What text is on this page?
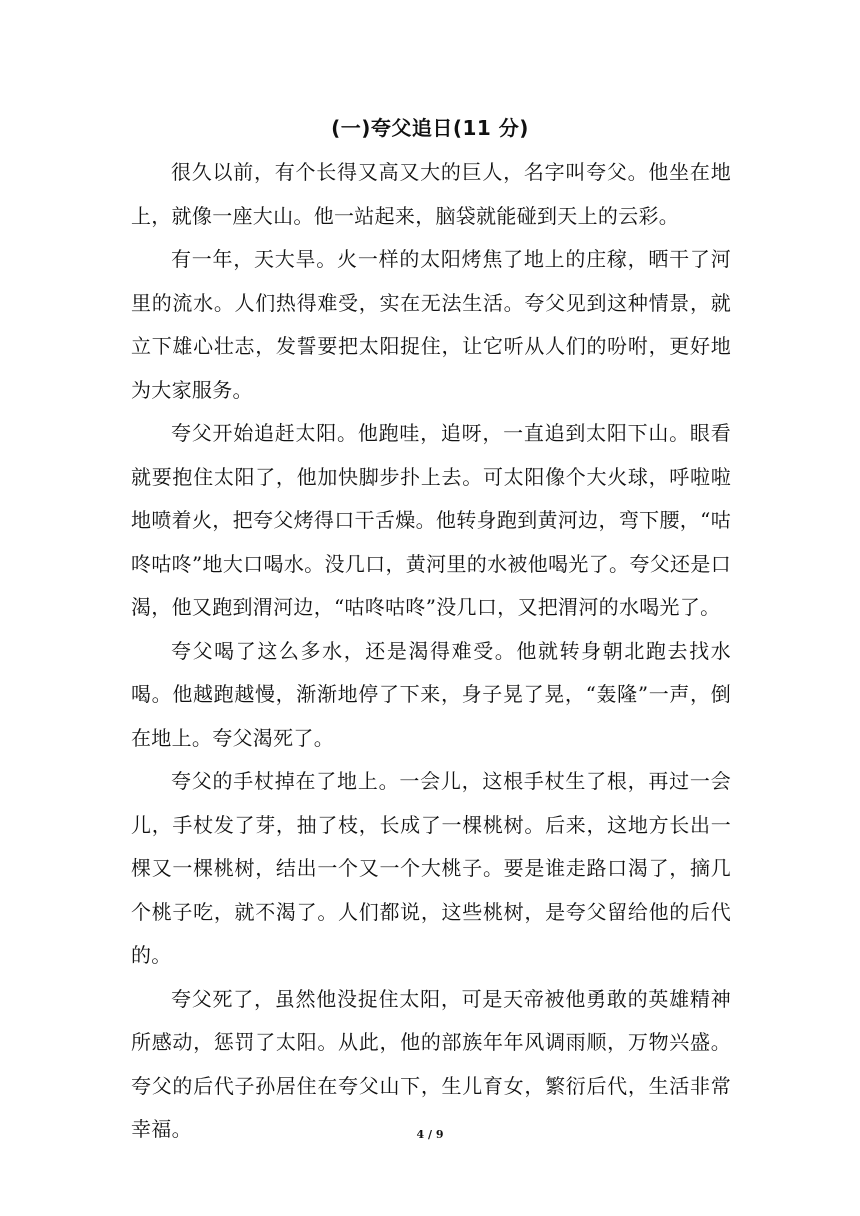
(一)夸父追日(11 分)

很久以前，有个长得又高又大的巨人，名字叫夸父。他坐在地上，就像一座大山。他一站起来，脑袋就能碰到天上的云彩。

有一年，天大旱。火一样的太阳烤焦了地上的庄稼，晒干了河里的流水。人们热得难受，实在无法生活。夸父见到这种情景，就立下雄心壮志，发誓要把太阳捉住，让它听从人们的吩咐，更好地为大家服务。

夸父开始追赶太阳。他跑哇，追呀，一直追到太阳下山。眼看就要抱住太阳了，他加快脚步扑上去。可太阳像个大火球，呼啦啦地喷着火，把夸父烤得口干舌燥。他转身跑到黄河边，弯下腰，“咕咚咕咚”地大口喝水。没几口，黄河里的水被他喝光了。夸父还是口渴，他又跑到渭河边，“咕咚咕咚”没几口，又把渭河的水喝光了。

夸父喝了这么多水，还是渴得难受。他就转身朝北跑去找水喝。他越跑越慢，渐渐地停了下来，身子晃了晃，“轰隆”一声，倒在地上。夸父渴死了。

夸父的手杖掉在了地上。一会儿，这根手杖生了根，再过一会儿，手杖发了芽，抽了枝，长成了一棵桃树。后来，这地方长出一棵又一棵桃树，结出一个又一个大桃子。要是谁走路口渴了，摘几个桃子吃，就不渴了。人们都说，这些桃树，是夸父留给他的后代的。

夸父死了，虽然他没捉住太阳，可是天帝被他勇敢的英雄精神所感动，惩罚了太阳。从此，他的部族年年风调雨顺，万物兴盛。夸父的后代子孙居住在夸父山下，生儿育女，繁衍后代，生活非常幸福。	4 / 9
